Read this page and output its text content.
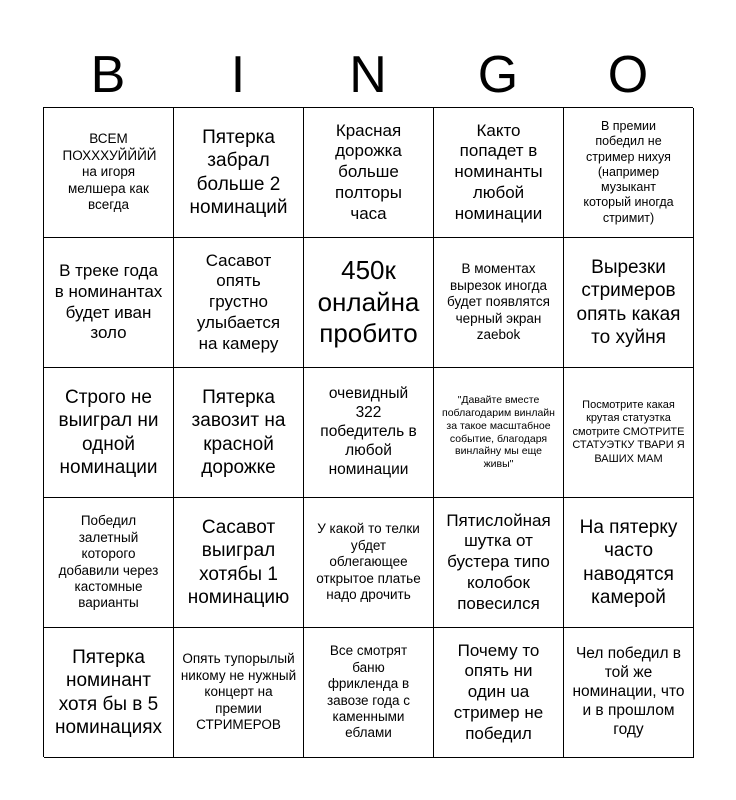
B	I	N	G	O
ВСЕМ ПОХХХУЙЙЙЙ на игоря мелшера как всегда
Пятерка забрал больше 2 номинаций
Красная дорожка больше полторы часа
Както попадет в номинанты любой номинации
В премии победил не стример нихуя (например музыкант который иногда стримит)
В треке года в номинантах будет иван золо
Сасавот опять грустно улыбается на камеру
450к онлайна пробито
В моментах вырезок иногда будет появлятся черный экран zaebok
Вырезки стримеров опять какая то хуйня
Строго не выиграл ни одной номинации
Пятерка завозит на красной дорожке
очевидный 322 победитель в любой номинации
"Давайте вместе поблагодарим винлайн за такое масштабное событие, благодаря винлайну мы еще живы"
Посмотрите какая крутая статуэтка смотрите СМОТРИТЕ СТАТУЭТКУ ТВАРИ Я ВАШИХ МАМ
Победил залетный которого добавили через кастомные варианты
Сасавот выиграл хотябы 1 номинацию
У какой то телки убдет облегающее открытое платье надо дрочить
Пятислойная шутка от бустера типо колобок повесился
На пятерку часто наводятся камерой
Пятерка номинант хотя бы в 5 номинациях
Опять тупорылый никому не нужный концерт на премии СТРИМЕРОВ
Все смотрят баню фрикленда в завозе года с каменными еблами
Почему то опять ни один ua стример не победил
Чел победил в той же номинации, что и в прошлом году
